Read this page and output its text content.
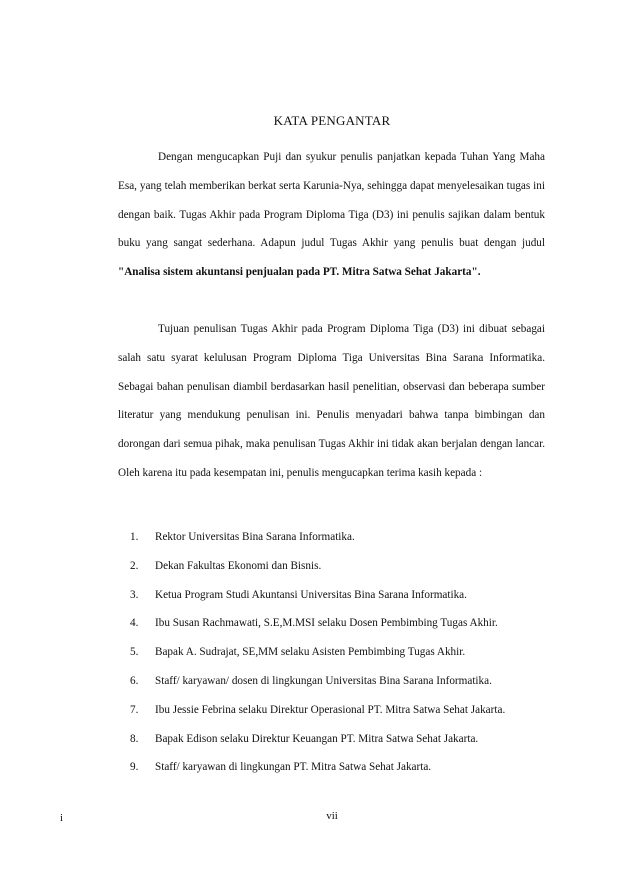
KATA PENGANTAR

Dengan mengucapkan Puji dan syukur penulis panjatkan kepada Tuhan Yang Maha Esa, yang telah memberikan berkat serta Karunia-Nya, sehingga dapat menyelesaikan tugas ini dengan baik. Tugas Akhir pada Program Diploma Tiga (D3) ini penulis sajikan dalam bentuk buku yang sangat sederhana. Adapun judul Tugas Akhir yang penulis buat dengan judul "Analisa sistem akuntansi penjualan pada PT. Mitra Satwa Sehat Jakarta".

Tujuan penulisan Tugas Akhir pada Program Diploma Tiga (D3) ini dibuat sebagai salah satu syarat kelulusan Program Diploma Tiga Universitas Bina Sarana Informatika. Sebagai bahan penulisan diambil berdasarkan hasil penelitian, observasi dan beberapa sumber literatur yang mendukung penulisan ini. Penulis menyadari bahwa tanpa bimbingan dan dorongan dari semua pihak, maka penulisan Tugas Akhir ini tidak akan berjalan dengan lancar. Oleh karena itu pada kesempatan ini, penulis mengucapkan terima kasih kepada :

1. Rektor Universitas Bina Sarana Informatika.
2. Dekan Fakultas Ekonomi dan Bisnis.
3. Ketua Program Studi Akuntansi Universitas Bina Sarana Informatika.
4. Ibu Susan Rachmawati, S.E,M.MSI selaku Dosen Pembimbing Tugas Akhir.
5. Bapak A. Sudrajat, SE,MM selaku Asisten Pembimbing Tugas Akhir.
6. Staff/ karyawan/ dosen di lingkungan Universitas Bina Sarana Informatika.
7. Ibu Jessie Febrina selaku Direktur Operasional PT. Mitra Satwa Sehat Jakarta.
8. Bapak Edison selaku Direktur Keuangan PT. Mitra Satwa Sehat Jakarta.
9. Staff/ karyawan di lingkungan PT. Mitra Satwa Sehat Jakarta.
i	vii
